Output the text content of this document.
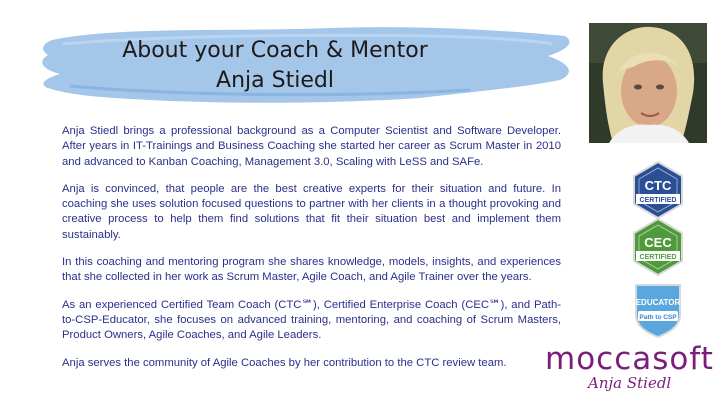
About your Coach & Mentor
Anja Stiedl

Anja Stiedl brings a professional background as a Computer Scientist and Software Developer. After years in IT-Trainings and Business Coaching she started her career as Scrum Master in 2010 and advanced to Kanban Coaching, Management 3.0, Scaling with LeSS and SAFe.

Anja is convinced, that people are the best creative experts for their situation and future. In coaching she uses solution focused questions to partner with her clients in a thought provoking and creative process to help them find solutions that fit their situation best and implement them sustainably.

In this coaching and mentoring program she shares knowledge, models, insights, and experiences that she collected in her work as Scrum Master, Agile Coach, and Agile Trainer over the years.

As an experienced Certified Team Coach (CTC℠), Certified Enterprise Coach (CEC℠), and Path-to-CSP-Educator, she focuses on advanced training, mentoring, and coaching of Scrum Masters, Product Owners, Agile Coaches, and Agile Leaders.

Anja serves the community of Agile Coaches by her contribution to the CTC review team.

CTC
CERTIFIED
CEC
CERTIFIED
EDUCATOR
Path to CSP
moccasoft
Anja Stiedl
